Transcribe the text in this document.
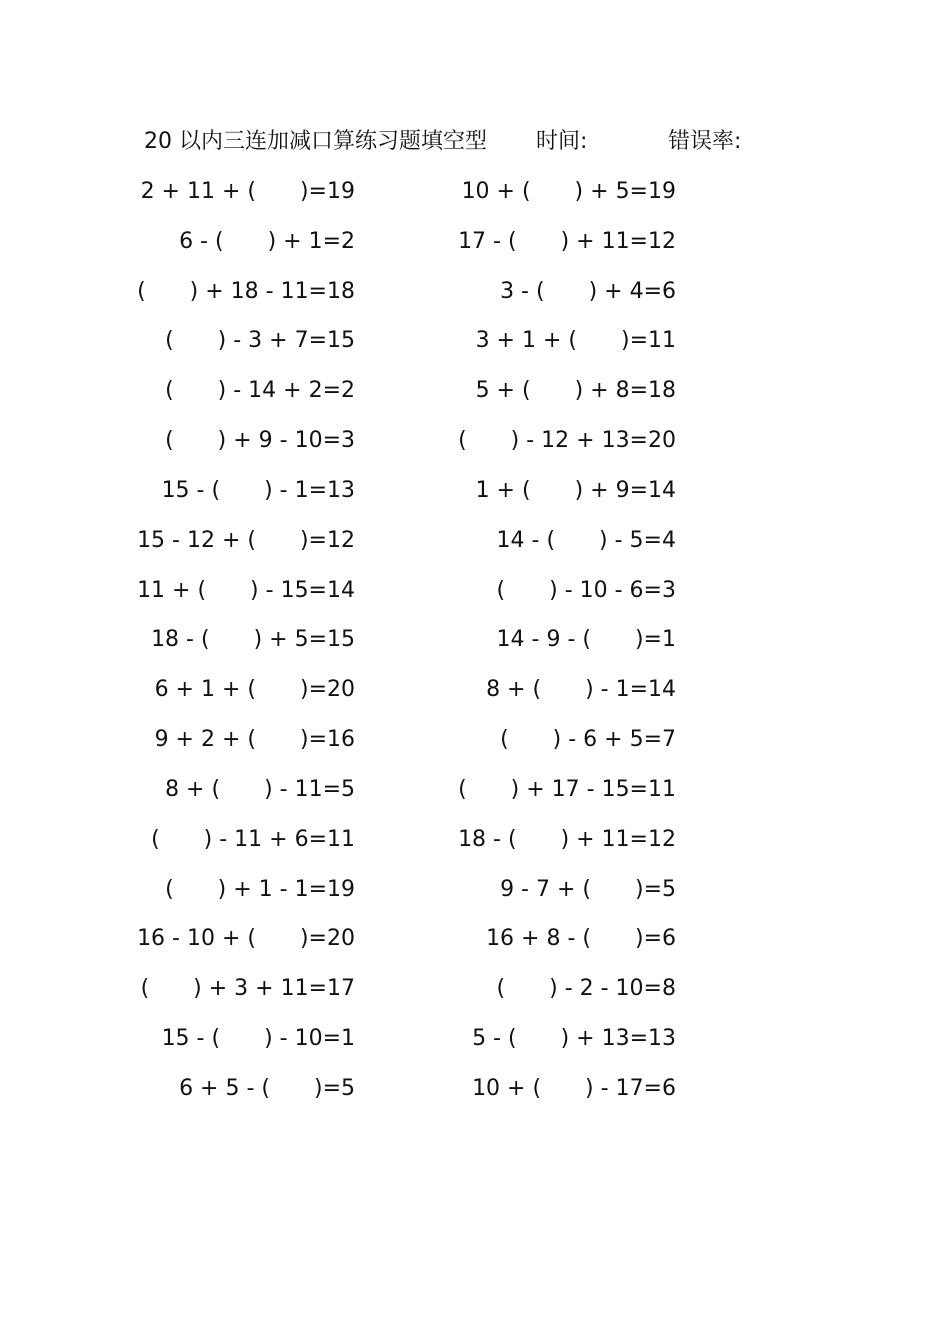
20 以内三连加减口算练习题填空型 时间:	错误率:
2 + 11 + (　　)=19
6 - (　　) + 1=2
(　　) + 18 - 11=18
(　　) - 3 + 7=15
(　　) - 14 + 2=2
(　　) + 9 - 10=3
15 - (　　) - 1=13
15 - 12 + (　　)=12
11 + (　　) - 15=14
18 - (　　) + 5=15
6 + 1 + (　　)=20
9 + 2 + (　　)=16
8 + (　　) - 11=5
(　　) - 11 + 6=11
(　　) + 1 - 1=19
16 - 10 + (　　)=20
(　　) + 3 + 11=17
15 - (　　) - 10=1
6 + 5 - (　　)=5
10 + (　　) + 5=19
17 - (　　) + 11=12
3 - (　　) + 4=6
3 + 1 + (　　)=11
5 + (　　) + 8=18
(　　) - 12 + 13=20
1 + (　　) + 9=14
14 - (　　) - 5=4
(　　) - 10 - 6=3
14 - 9 - (　　)=1
8 + (　　) - 1=14
(　　) - 6 + 5=7
(　　) + 17 - 15=11
18 - (　　) + 11=12
9 - 7 + (　　)=5
16 + 8 - (　　)=6
(　　) - 2 - 10=8
5 - (　　) + 13=13
10 + (　　) - 17=6
